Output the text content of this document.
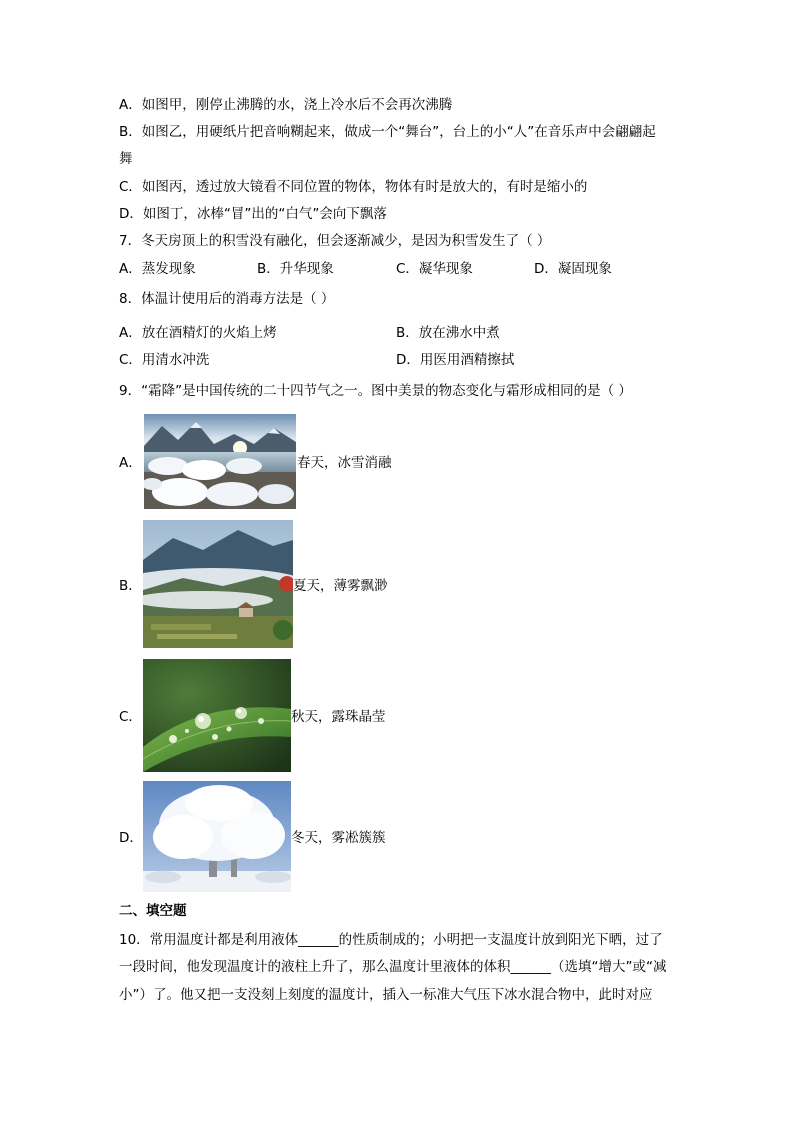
A．如图甲，刚停止沸腾的水，浇上冷水后不会再次沸腾
B．如图乙，用硬纸片把音响糊起来，做成一个“舞台”，台上的小“人”在音乐声中会翩翩起
舞
C．如图丙，透过放大镜看不同位置的物体，物体有时是放大的，有时是缩小的
D．如图丁，冰棒“冒”出的“白气”会向下飘落
7．冬天房顶上的积雪没有融化，但会逐渐减少，是因为积雪发生了（ ）
A．蒸发现象	B．升华现象	C．凝华现象	D．凝固现象
8．体温计使用后的消毒方法是（ ）
A．放在酒精灯的火焰上烤	B．放在沸水中煮
C．用清水冲洗	D．用医用酒精擦拭
9．“霜降”是中国传统的二十四节气之一。图中美景的物态变化与霜形成相同的是（ ）
A．	春天，冰雪消融
B．	夏天，薄雾飘渺
C．	秋天，露珠晶莹
D．	冬天，雾凇簇簇
二、填空题
10．常用温度计都是利用液体______的性质制成的；小明把一支温度计放到阳光下晒，过了
一段时间，他发现温度计的液柱上升了，那么温度计里液体的体积______（选填“增大”或“减
小”）了。他又把一支没刻上刻度的温度计，插入一标准大气压下冰水混合物中，此时对应
